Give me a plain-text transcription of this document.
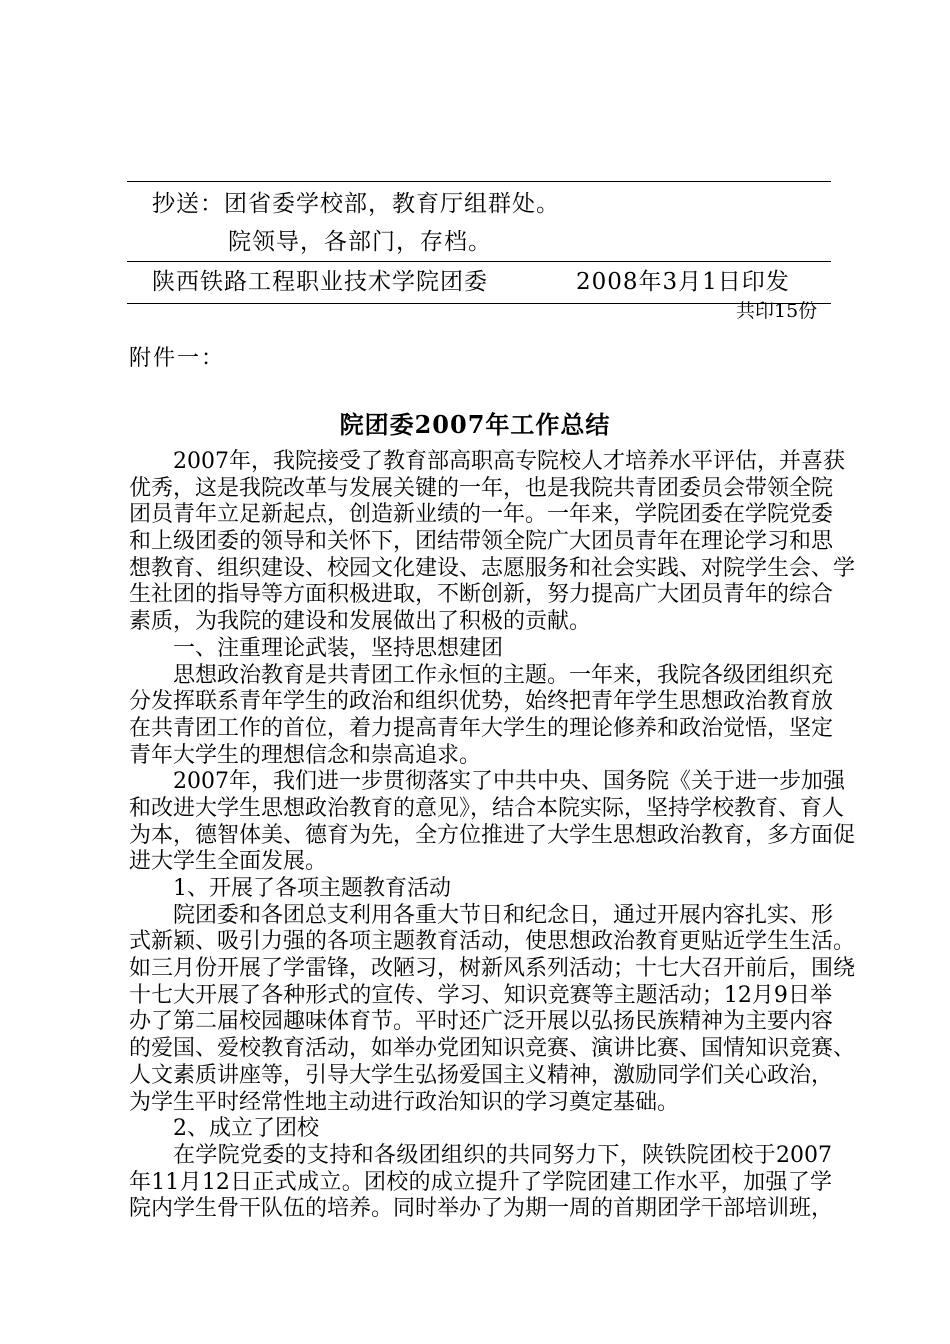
抄送：团省委学校部，教育厅组群处。
院领导，各部门，存档。
陕西铁路工程职业技术学院团委	2008年3月1日印发
共印15份
附件一：
院团委2007年工作总结
2007年，我院接受了教育部高职高专院校人才培养水平评估，并喜获
优秀，这是我院改革与发展关键的一年，也是我院共青团委员会带领全院
团员青年立足新起点，创造新业绩的一年。一年来，学院团委在学院党委
和上级团委的领导和关怀下，团结带领全院广大团员青年在理论学习和思
想教育、组织建设、校园文化建设、志愿服务和社会实践、对院学生会、学
生社团的指导等方面积极进取，不断创新，努力提高广大团员青年的综合
素质，为我院的建设和发展做出了积极的贡献。
一、注重理论武装，坚持思想建团
思想政治教育是共青团工作永恒的主题。一年来，我院各级团组织充
分发挥联系青年学生的政治和组织优势，始终把青年学生思想政治教育放
在共青团工作的首位，着力提高青年大学生的理论修养和政治觉悟，坚定
青年大学生的理想信念和崇高追求。
2007年，我们进一步贯彻落实了中共中央、国务院《关于进一步加强
和改进大学生思想政治教育的意见》，结合本院实际，坚持学校教育、育人
为本，德智体美、德育为先，全方位推进了大学生思想政治教育，多方面促
进大学生全面发展。
1、开展了各项主题教育活动
院团委和各团总支利用各重大节日和纪念日，通过开展内容扎实、形
式新颖、吸引力强的各项主题教育活动，使思想政治教育更贴近学生生活。
如三月份开展了学雷锋，改陋习，树新风系列活动；十七大召开前后，围绕
十七大开展了各种形式的宣传、学习、知识竞赛等主题活动；12月9日举
办了第二届校园趣味体育节。平时还广泛开展以弘扬民族精神为主要内容
的爱国、爱校教育活动，如举办党团知识竞赛、演讲比赛、国情知识竞赛、
人文素质讲座等，引导大学生弘扬爱国主义精神，激励同学们关心政治，
为学生平时经常性地主动进行政治知识的学习奠定基础。
2、成立了团校
在学院党委的支持和各级团组织的共同努力下，陕铁院团校于2007
年11月12日正式成立。团校的成立提升了学院团建工作水平，加强了学
院内学生骨干队伍的培养。同时举办了为期一周的首期团学干部培训班，
